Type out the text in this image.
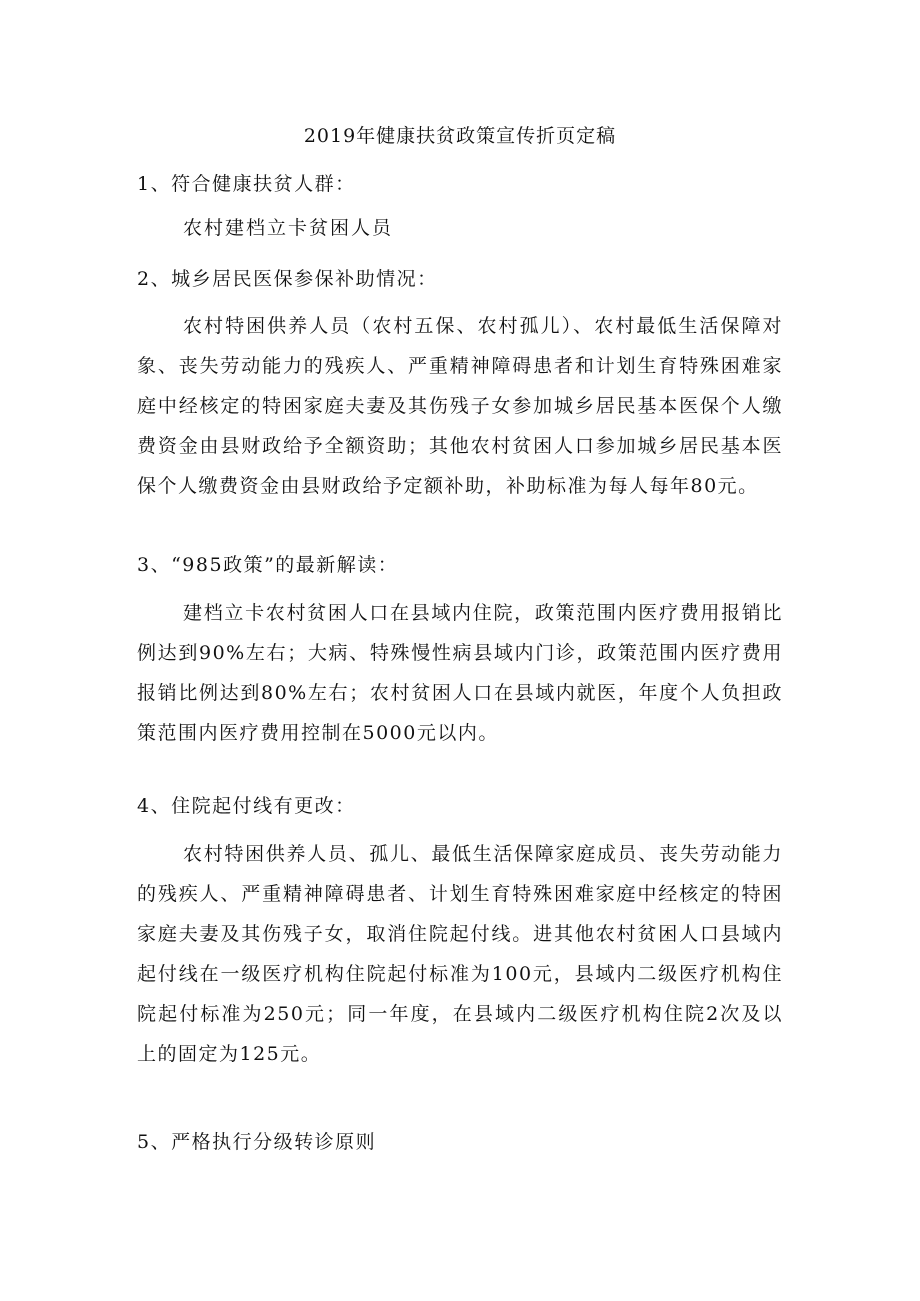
2019年健康扶贫政策宣传折页定稿
1、符合健康扶贫人群：
农村建档立卡贫困人员
2、城乡居民医保参保补助情况：
农村特困供养人员（农村五保、农村孤儿）、农村最低生活保障对象、丧失劳动能力的残疾人、严重精神障碍患者和计划生育特殊困难家庭中经核定的特困家庭夫妻及其伤残子女参加城乡居民基本医保个人缴费资金由县财政给予全额资助；其他农村贫困人口参加城乡居民基本医保个人缴费资金由县财政给予定额补助，补助标准为每人每年80元。
3、“985政策”的最新解读：
建档立卡农村贫困人口在县域内住院，政策范围内医疗费用报销比例达到90%左右；大病、特殊慢性病县域内门诊，政策范围内医疗费用报销比例达到80%左右；农村贫困人口在县域内就医，年度个人负担政策范围内医疗费用控制在5000元以内。
4、住院起付线有更改：
农村特困供养人员、孤儿、最低生活保障家庭成员、丧失劳动能力的残疾人、严重精神障碍患者、计划生育特殊困难家庭中经核定的特困家庭夫妻及其伤残子女，取消住院起付线。进其他农村贫困人口县域内起付线在一级医疗机构住院起付标准为100元，县域内二级医疗机构住院起付标准为250元；同一年度，在县域内二级医疗机构住院2次及以上的固定为125元。
5、严格执行分级转诊原则
